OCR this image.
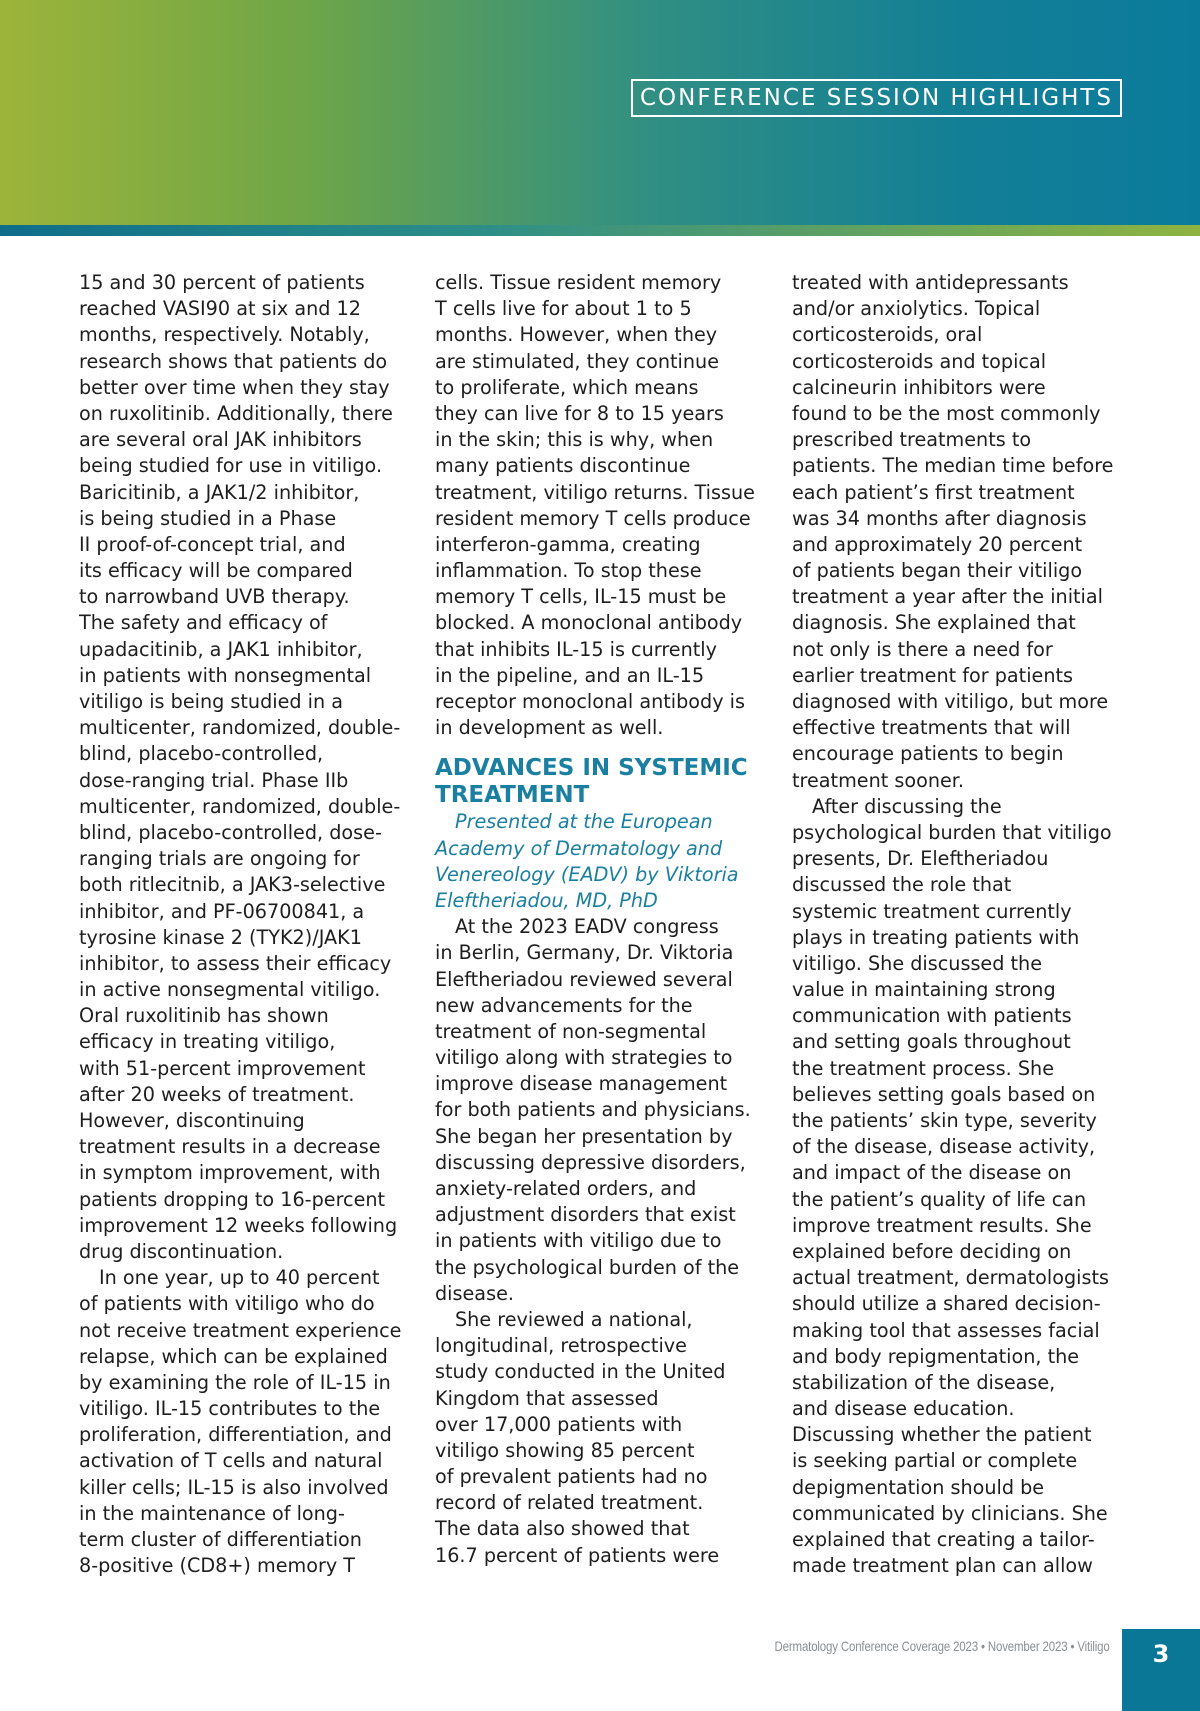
CONFERENCE SESSION HIGHLIGHTS
15 and 30 percent of patients
reached VASI90 at six and 12
months, respectively. Notably,
research shows that patients do
better over time when they stay
on ruxolitinib. Additionally, there
are several oral JAK inhibitors
being studied for use in vitiligo.
Baricitinib, a JAK1/2 inhibitor,
is being studied in a Phase
II proof-of-concept trial, and
its efficacy will be compared
to narrowband UVB therapy.
The safety and efficacy of
upadacitinib, a JAK1 inhibitor,
in patients with nonsegmental
vitiligo is being studied in a
multicenter, randomized, double-
blind, placebo-controlled,
dose-ranging trial. Phase IIb
multicenter, randomized, double-
blind, placebo-controlled, dose-
ranging trials are ongoing for
both ritlecitnib, a JAK3-selective
inhibitor, and PF-06700841, a
tyrosine kinase 2 (TYK2)/JAK1
inhibitor, to assess their efficacy
in active nonsegmental vitiligo.
Oral ruxolitinib has shown
efficacy in treating vitiligo,
with 51-percent improvement
after 20 weeks of treatment.
However, discontinuing
treatment results in a decrease
in symptom improvement, with
patients dropping to 16-percent
improvement 12 weeks following
drug discontinuation.
In one year, up to 40 percent
of patients with vitiligo who do
not receive treatment experience
relapse, which can be explained
by examining the role of IL-15 in
vitiligo. IL-15 contributes to the
proliferation, differentiation, and
activation of T cells and natural
killer cells; IL-15 is also involved
in the maintenance of long-
term cluster of differentiation
8-positive (CD8+) memory T
cells. Tissue resident memory
T cells live for about 1 to 5
months. However, when they
are stimulated, they continue
to proliferate, which means
they can live for 8 to 15 years
in the skin; this is why, when
many patients discontinue
treatment, vitiligo returns. Tissue
resident memory T cells produce
interferon-gamma, creating
inflammation. To stop these
memory T cells, IL-15 must be
blocked. A monoclonal antibody
that inhibits IL-15 is currently
in the pipeline, and an IL-15
receptor monoclonal antibody is
in development as well.
ADVANCES IN SYSTEMIC
TREATMENT
Presented at the European
Academy of Dermatology and
Venereology (EADV) by Viktoria
Eleftheriadou, MD, PhD
At the 2023 EADV congress
in Berlin, Germany, Dr. Viktoria
Eleftheriadou reviewed several
new advancements for the
treatment of non-segmental
vitiligo along with strategies to
improve disease management
for both patients and physicians.
She began her presentation by
discussing depressive disorders,
anxiety-related orders, and
adjustment disorders that exist
in patients with vitiligo due to
the psychological burden of the
disease.
She reviewed a national,
longitudinal, retrospective
study conducted in the United
Kingdom that assessed
over 17,000 patients with
vitiligo showing 85 percent
of prevalent patients had no
record of related treatment.
The data also showed that
16.7 percent of patients were
treated with antidepressants
and/or anxiolytics. Topical
corticosteroids, oral
corticosteroids and topical
calcineurin inhibitors were
found to be the most commonly
prescribed treatments to
patients. The median time before
each patient’s first treatment
was 34 months after diagnosis
and approximately 20 percent
of patients began their vitiligo
treatment a year after the initial
diagnosis. She explained that
not only is there a need for
earlier treatment for patients
diagnosed with vitiligo, but more
effective treatments that will
encourage patients to begin
treatment sooner.
After discussing the
psychological burden that vitiligo
presents, Dr. Eleftheriadou
discussed the role that
systemic treatment currently
plays in treating patients with
vitiligo. She discussed the
value in maintaining strong
communication with patients
and setting goals throughout
the treatment process. She
believes setting goals based on
the patients’ skin type, severity
of the disease, disease activity,
and impact of the disease on
the patient’s quality of life can
improve treatment results. She
explained before deciding on
actual treatment, dermatologists
should utilize a shared decision-
making tool that assesses facial
and body repigmentation, the
stabilization of the disease,
and disease education.
Discussing whether the patient
is seeking partial or complete
depigmentation should be
communicated by clinicians. She
explained that creating a tailor-
made treatment plan can allow
Dermatology Conference Coverage 2023 • November 2023 • Vitiligo 3
